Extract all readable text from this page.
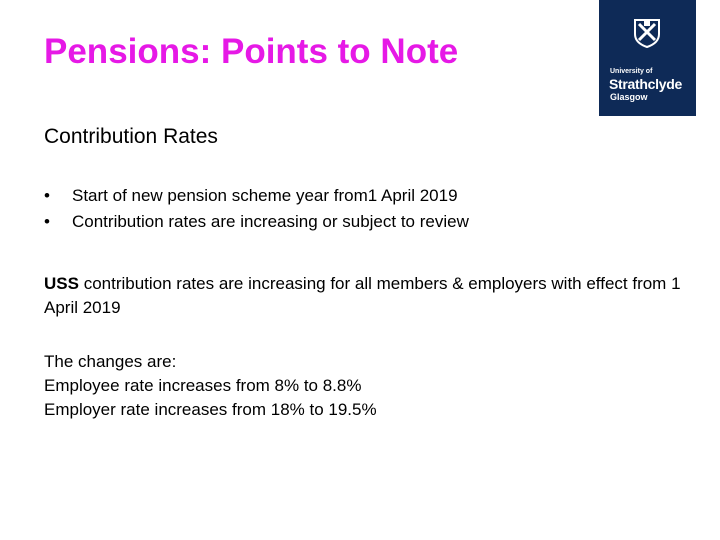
Pensions: Points to Note
University of
Strathclyde
Glasgow
Contribution Rates
• Start of new pension scheme year from1 April 2019
• Contribution rates are increasing or subject to review

USS contribution rates are increasing for all members & employers with effect from 1 April 2019

The changes are:
Employee rate increases from 8% to 8.8%
Employer rate increases from 18% to 19.5%
